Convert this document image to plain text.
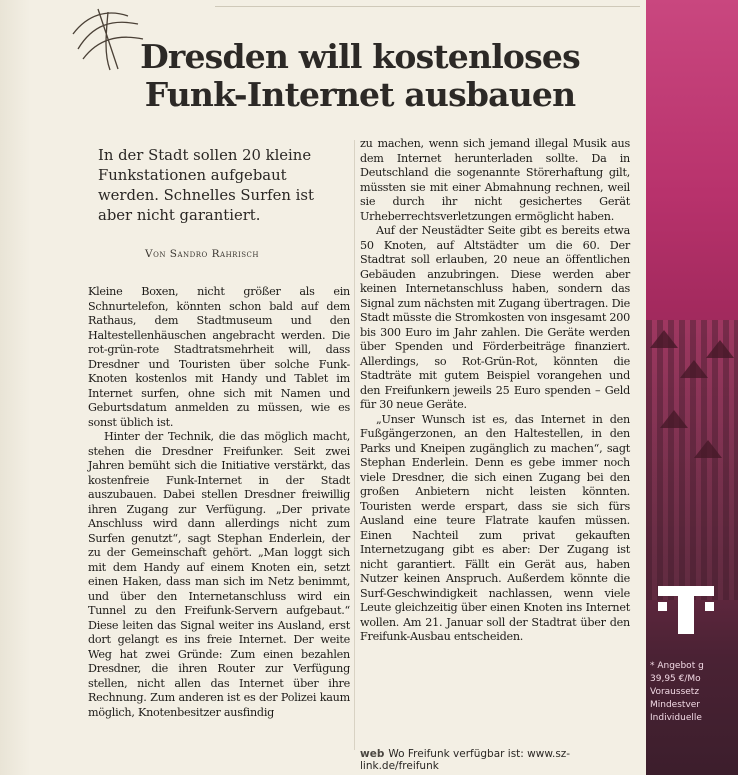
Dresden will kostenloses
Funk-Internet ausbauen
In der Stadt sollen 20 kleine Funkstationen aufgebaut werden. Schnelles Surfen ist aber nicht garantiert.
Von Sandro Rahrisch

Kleine Boxen, nicht größer als ein Schnurtelefon, könnten schon bald auf dem Rathaus, dem Stadtmuseum und den Haltestellenhäuschen angebracht werden. Die rot-grün-rote Stadtratsmehrheit will, dass Dresdner und Touristen über solche Funk-Knoten kostenlos mit Handy und Tablet im Internet surfen, ohne sich mit Namen und Geburtsdatum anmelden zu müssen, wie es sonst üblich ist.

Hinter der Technik, die das möglich macht, stehen die Dresdner Freifunker. Seit zwei Jahren bemüht sich die Initiative verstärkt, das kostenfreie Funk-Internet in der Stadt auszubauen. Dabei stellen Dresdner freiwillig ihren Zugang zur Verfügung. „Der private Anschluss wird dann allerdings nicht zum Surfen genutzt“, sagt Stephan Enderlein, der zu der Gemeinschaft gehört. „Man loggt sich mit dem Handy auf einem Knoten ein, setzt einen Haken, dass man sich im Netz benimmt, und über den Internetanschluss wird ein Tunnel zu den Freifunk-Servern aufgebaut.“ Diese leiten das Signal weiter ins Ausland, erst dort gelangt es ins freie Internet. Der weite Weg hat zwei Gründe: Zum einen bezahlen Dresdner, die ihren Router zur Verfügung stellen, nicht allen das Internet über ihre Rechnung. Zum anderen ist es der Polizei kaum möglich, Knotenbesitzer ausfindig

zu machen, wenn sich jemand illegal Musik aus dem Internet herunterladen sollte. Da in Deutschland die sogenannte Störerhaftung gilt, müssten sie mit einer Abmahnung rechnen, weil sie durch ihr nicht gesichertes Gerät Urheberrechtsverletzungen ermöglicht haben.

Auf der Neustädter Seite gibt es bereits etwa 50 Knoten, auf Altstädter um die 60. Der Stadtrat soll erlauben, 20 neue an öffentlichen Gebäuden anzubringen. Diese werden aber keinen Internetanschluss haben, sondern das Signal zum nächsten mit Zugang übertragen. Die Stadt müsste die Stromkosten von insgesamt 200 bis 300 Euro im Jahr zahlen. Die Geräte werden über Spenden und Förderbeiträge finanziert. Allerdings, so Rot-Grün-Rot, könnten die Stadträte mit gutem Beispiel vorangehen und den Freifunkern jeweils 25 Euro spenden – Geld für 30 neue Geräte.

„Unser Wunsch ist es, das Internet in den Fußgängerzonen, an den Haltestellen, in den Parks und Kneipen zugänglich zu machen“, sagt Stephan Enderlein. Denn es gebe immer noch viele Dresdner, die sich einen Zugang bei den großen Anbietern nicht leisten könnten. Touristen werde erspart, dass sie sich fürs Ausland eine teure Flatrate kaufen müssen. Einen Nachteil zum privat gekauften Internetzugang gibt es aber: Der Zugang ist nicht garantiert. Fällt ein Gerät aus, haben Nutzer keinen Anspruch. Außerdem könnte die Surf-Geschwindigkeit nachlassen, wenn viele Leute gleichzeitig über einen Knoten ins Internet wollen. Am 21. Januar soll der Stadtrat über den Freifunk-Ausbau entscheiden.

web Wo Freifunk verfügbar ist: www.sz-link.de/freifunk
* Angebot g
39,95 €/Mo
Voraussetz
Mindestver
Individuelle
